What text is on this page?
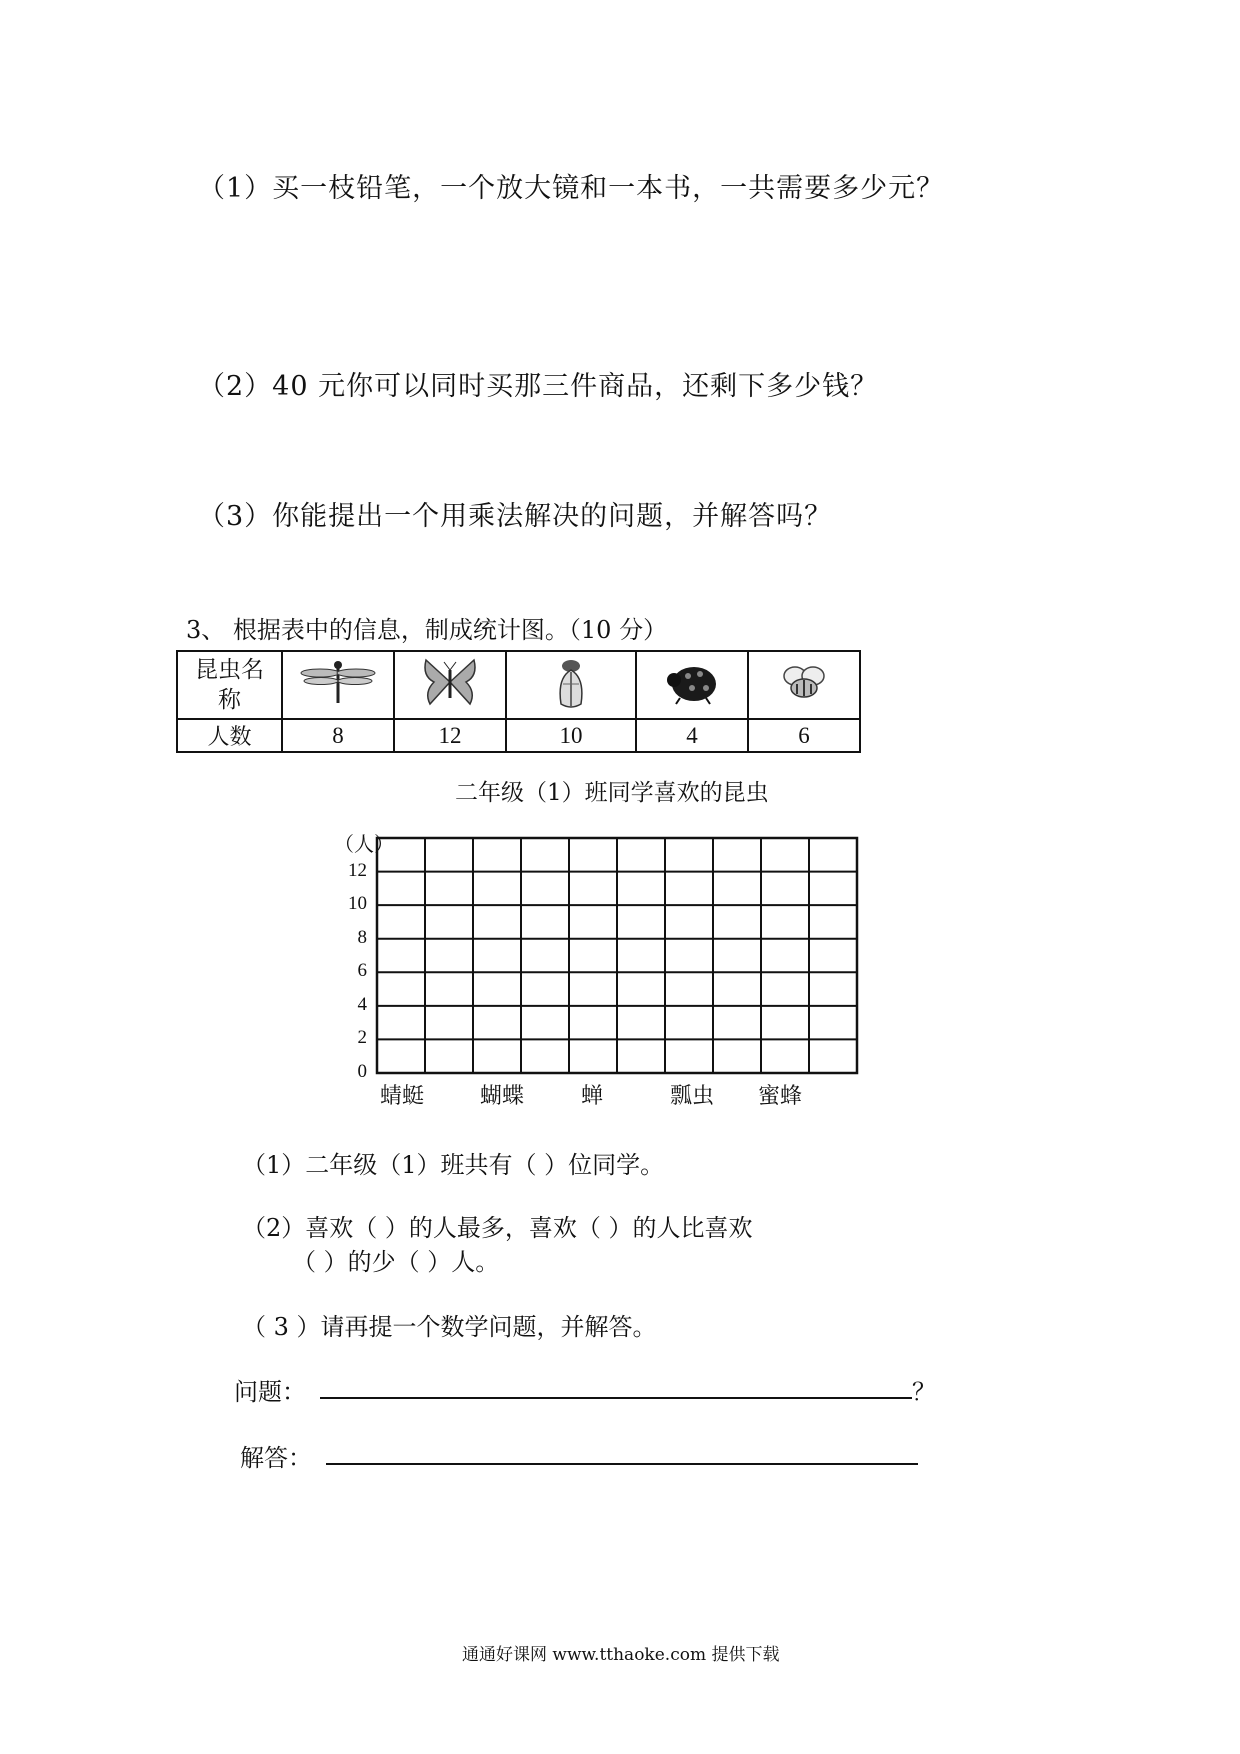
（1）买一枝铅笔，一个放大镜和一本书，一共需要多少元？
（2）40 元你可以同时买那三件商品，还剩下多少钱？
（3）你能提出一个用乘法解决的问题，并解答吗？
3、 根据表中的信息，制成统计图。（10 分）
昆虫名
称

人数	8	12	10	4	6
二年级（1）班同学喜欢的昆虫
（人）
12
10
8
6
4
2
0
蜻蜓	蝴蝶	蝉	瓢虫 蜜蜂
（1）二年级（1）班共有（ ）位同学。
（2）喜欢（ ）的人最多，喜欢（ ）的人比喜欢
（ ）的少（ ）人。
（ 3 ）请再提一个数学问题，并解答。
问题：	？
解答：
通通好课网 www.tthaoke.com 提供下载
